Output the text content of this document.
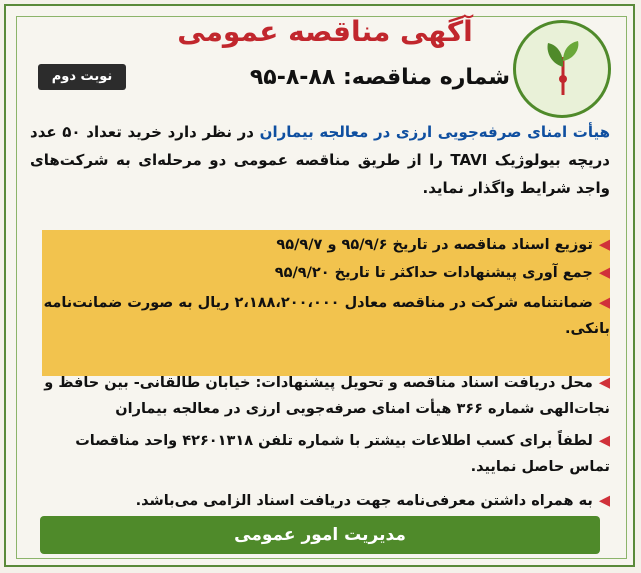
آگهی مناقصه عمومی
نوبت دوم	شماره مناقصه: ۸۸-۸-۹۵
هیأت امنای صرفه‌جویی ارزی در معالجه بیماران در نظر دارد خرید تعداد ۵۰ عدد دریچه بیولوژیک TAVI را از طریق مناقصه عمومی دو مرحله‌ای به شرکت‌های واجد شرایط واگذار نماید.
◀توزیع اسناد مناقصه در تاریخ ۹۵/۹/۶ و ۹۵/۹/۷
◀جمع آوری پیشنهادات حداکثر تا تاریخ ۹۵/۹/۲۰
◀ضمانتنامه شرکت در مناقصه معادل ۲،۱۸۸،۲۰۰،۰۰۰ ریال به صورت ضمانت‌نامه بانکی.
◀محل دریافت اسناد مناقصه و تحویل پیشنهادات: خیابان طالقانی- بین حافظ و نجات‌الهی شماره ۳۶۶ هیأت امنای صرفه‌جویی ارزی در معالجه بیماران
◀لطفاً برای کسب اطلاعات بیشتر با شماره تلفن ۴۲۶۰۱۳۱۸ واحد مناقصات تماس حاصل نمایید.
◀به همراه داشتن معرفی‌نامه جهت دریافت اسناد الزامی می‌باشد.
مدیریت امور عمومی
